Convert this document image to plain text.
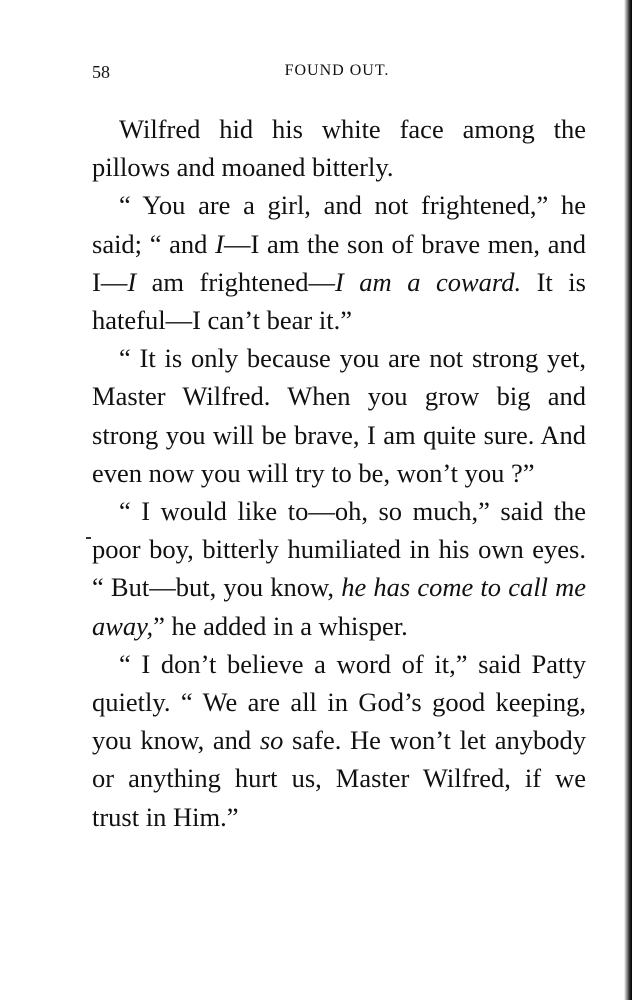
58	FOUND OUT.

Wilfred hid his white face among the pillows and moaned bitterly.

“ You are a girl, and not frightened,” he said; “ and I—I am the son of brave men, and I—I am frightened—I am a coward. It is hateful—I can’t bear it.”

“ It is only because you are not strong yet, Master Wilfred. When you grow big and strong you will be brave, I am quite sure. And even now you will try to be, won’t you ?”

“ I would like to—oh, so much,” said the poor boy, bitterly humiliated in his own eyes. “ But—but, you know, he has come to call me away,” he added in a whisper.

“ I don’t believe a word of it,” said Patty quietly. “ We are all in God’s good keeping, you know, and so safe. He won’t let anybody or anything hurt us, Master Wilfred, if we trust in Him.”
